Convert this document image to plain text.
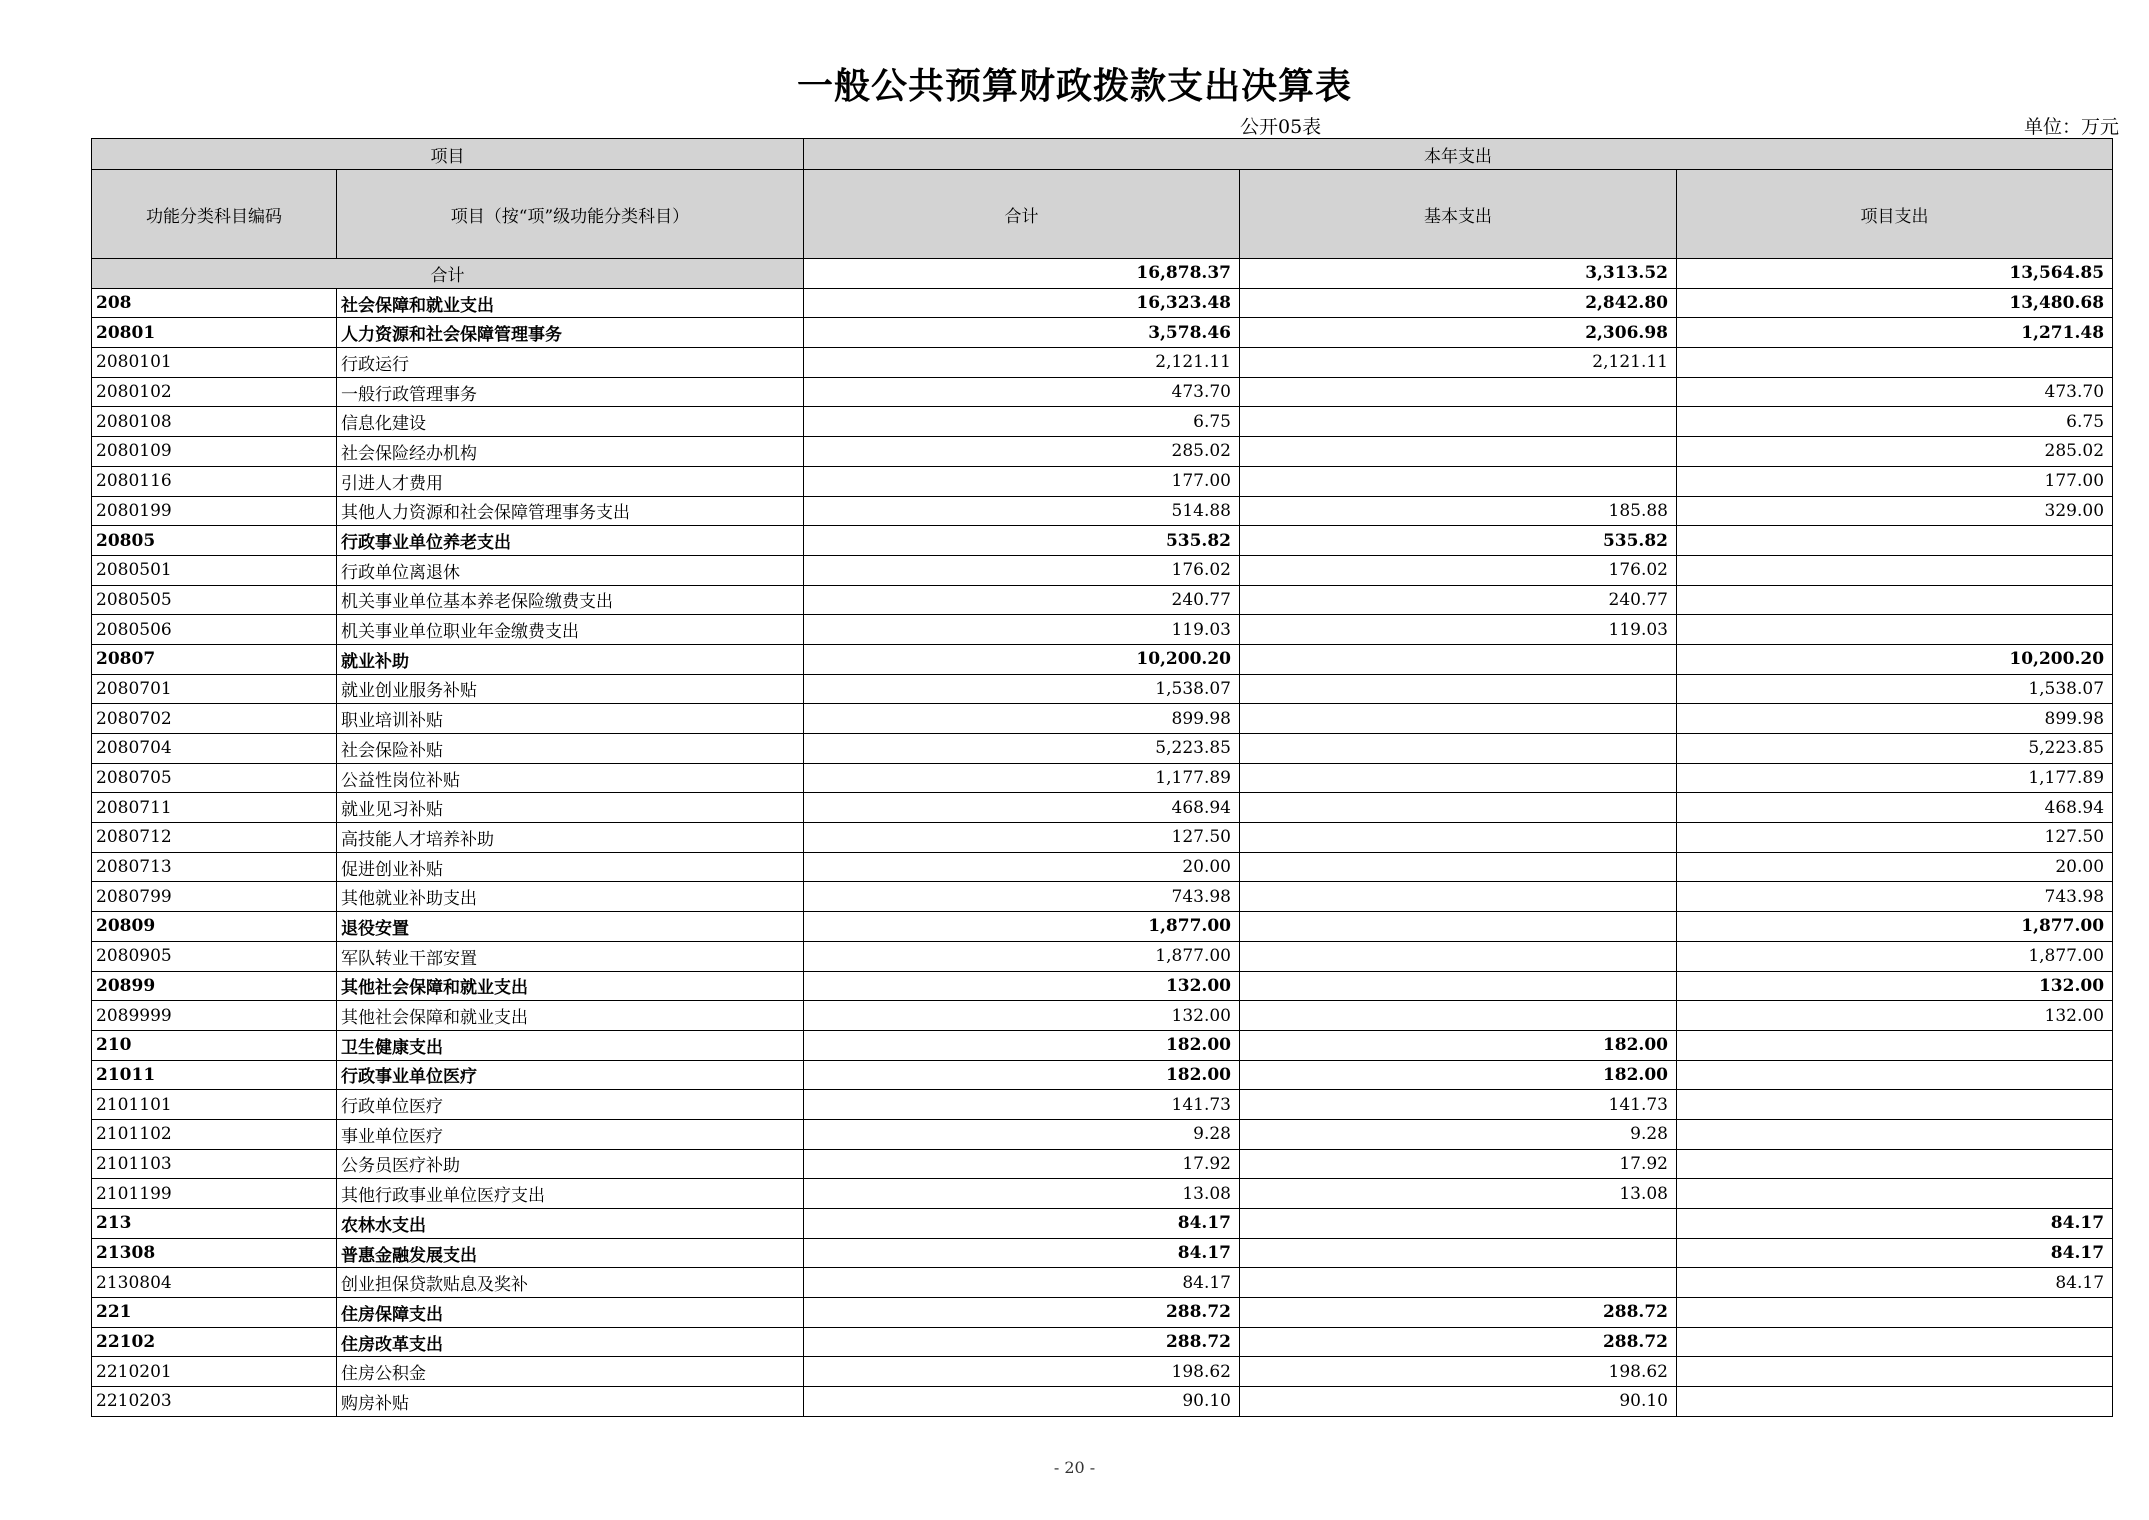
一般公共预算财政拨款支出决算表
公开05表	单位：万元
项目		本年支出		
功能分类科目编码	项目（按“项”级功能分类科目）	合计	基本支出	项目支出
合计		16,878.37	3,313.52	13,564.85
208	社会保障和就业支出	16,323.48	2,842.80	13,480.68
20801	人力资源和社会保障管理事务	3,578.46	2,306.98	1,271.48
2080101	行政运行	2,121.11	2,121.11	
2080102	一般行政管理事务	473.70		473.70
2080108	信息化建设	6.75		6.75
2080109	社会保险经办机构	285.02		285.02
2080116	引进人才费用	177.00		177.00
2080199	其他人力资源和社会保障管理事务支出	514.88	185.88	329.00
20805	行政事业单位养老支出	535.82	535.82	
2080501	行政单位离退休	176.02	176.02	
2080505	机关事业单位基本养老保险缴费支出	240.77	240.77	
2080506	机关事业单位职业年金缴费支出	119.03	119.03	
20807	就业补助	10,200.20		10,200.20
2080701	就业创业服务补贴	1,538.07		1,538.07
2080702	职业培训补贴	899.98		899.98
2080704	社会保险补贴	5,223.85		5,223.85
2080705	公益性岗位补贴	1,177.89		1,177.89
2080711	就业见习补贴	468.94		468.94
2080712	高技能人才培养补助	127.50		127.50
2080713	促进创业补贴	20.00		20.00
2080799	其他就业补助支出	743.98		743.98
20809	退役安置	1,877.00		1,877.00
2080905	军队转业干部安置	1,877.00		1,877.00
20899	其他社会保障和就业支出	132.00		132.00
2089999	其他社会保障和就业支出	132.00		132.00
210	卫生健康支出	182.00	182.00	
21011	行政事业单位医疗	182.00	182.00	
2101101	行政单位医疗	141.73	141.73	
2101102	事业单位医疗	9.28	9.28	
2101103	公务员医疗补助	17.92	17.92	
2101199	其他行政事业单位医疗支出	13.08	13.08	
213	农林水支出	84.17		84.17
21308	普惠金融发展支出	84.17		84.17
2130804	创业担保贷款贴息及奖补	84.17		84.17
221	住房保障支出	288.72	288.72	
22102	住房改革支出	288.72	288.72	
2210201	住房公积金	198.62	198.62	
2210203	购房补贴	90.10	90.10	
- 20 -
